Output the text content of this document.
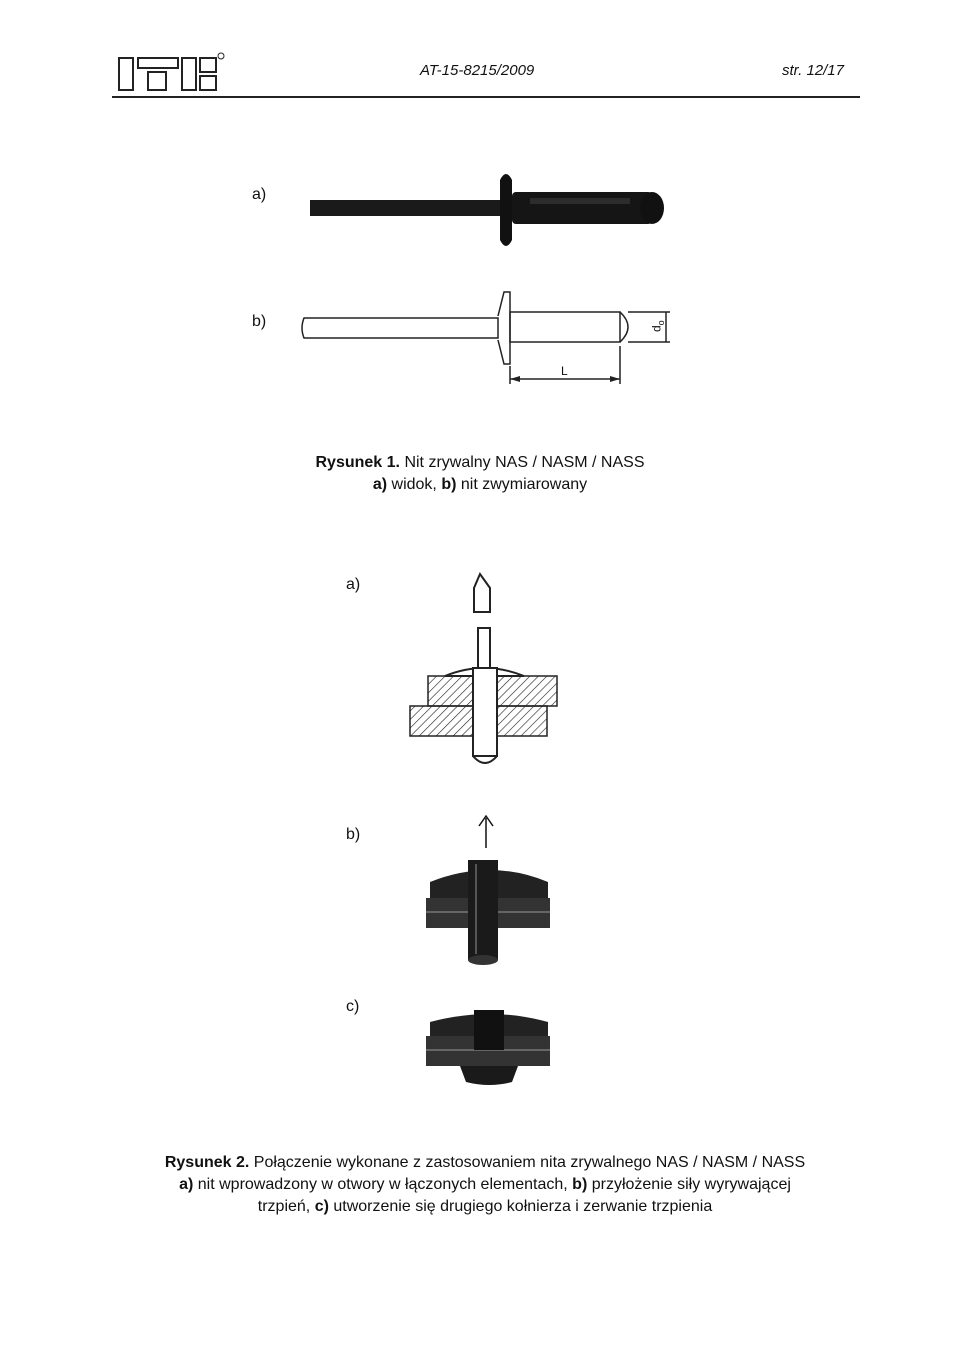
AT-15-8215/2009	str. 12/17
a)
b)
L
$d_o$
Rysunek 1. Nit zrywalny NAS / NASM / NASS
a) widok, b) nit zwymiarowany
a)
b)
c)
Rysunek 2. Połączenie wykonane z zastosowaniem nita zrywalnego NAS / NASM / NASS
a) nit wprowadzony w otwory w łączonych elementach, b) przyłożenie siły wyrywającej
trzpień, c) utworzenie się drugiego kołnierza i zerwanie trzpienia
